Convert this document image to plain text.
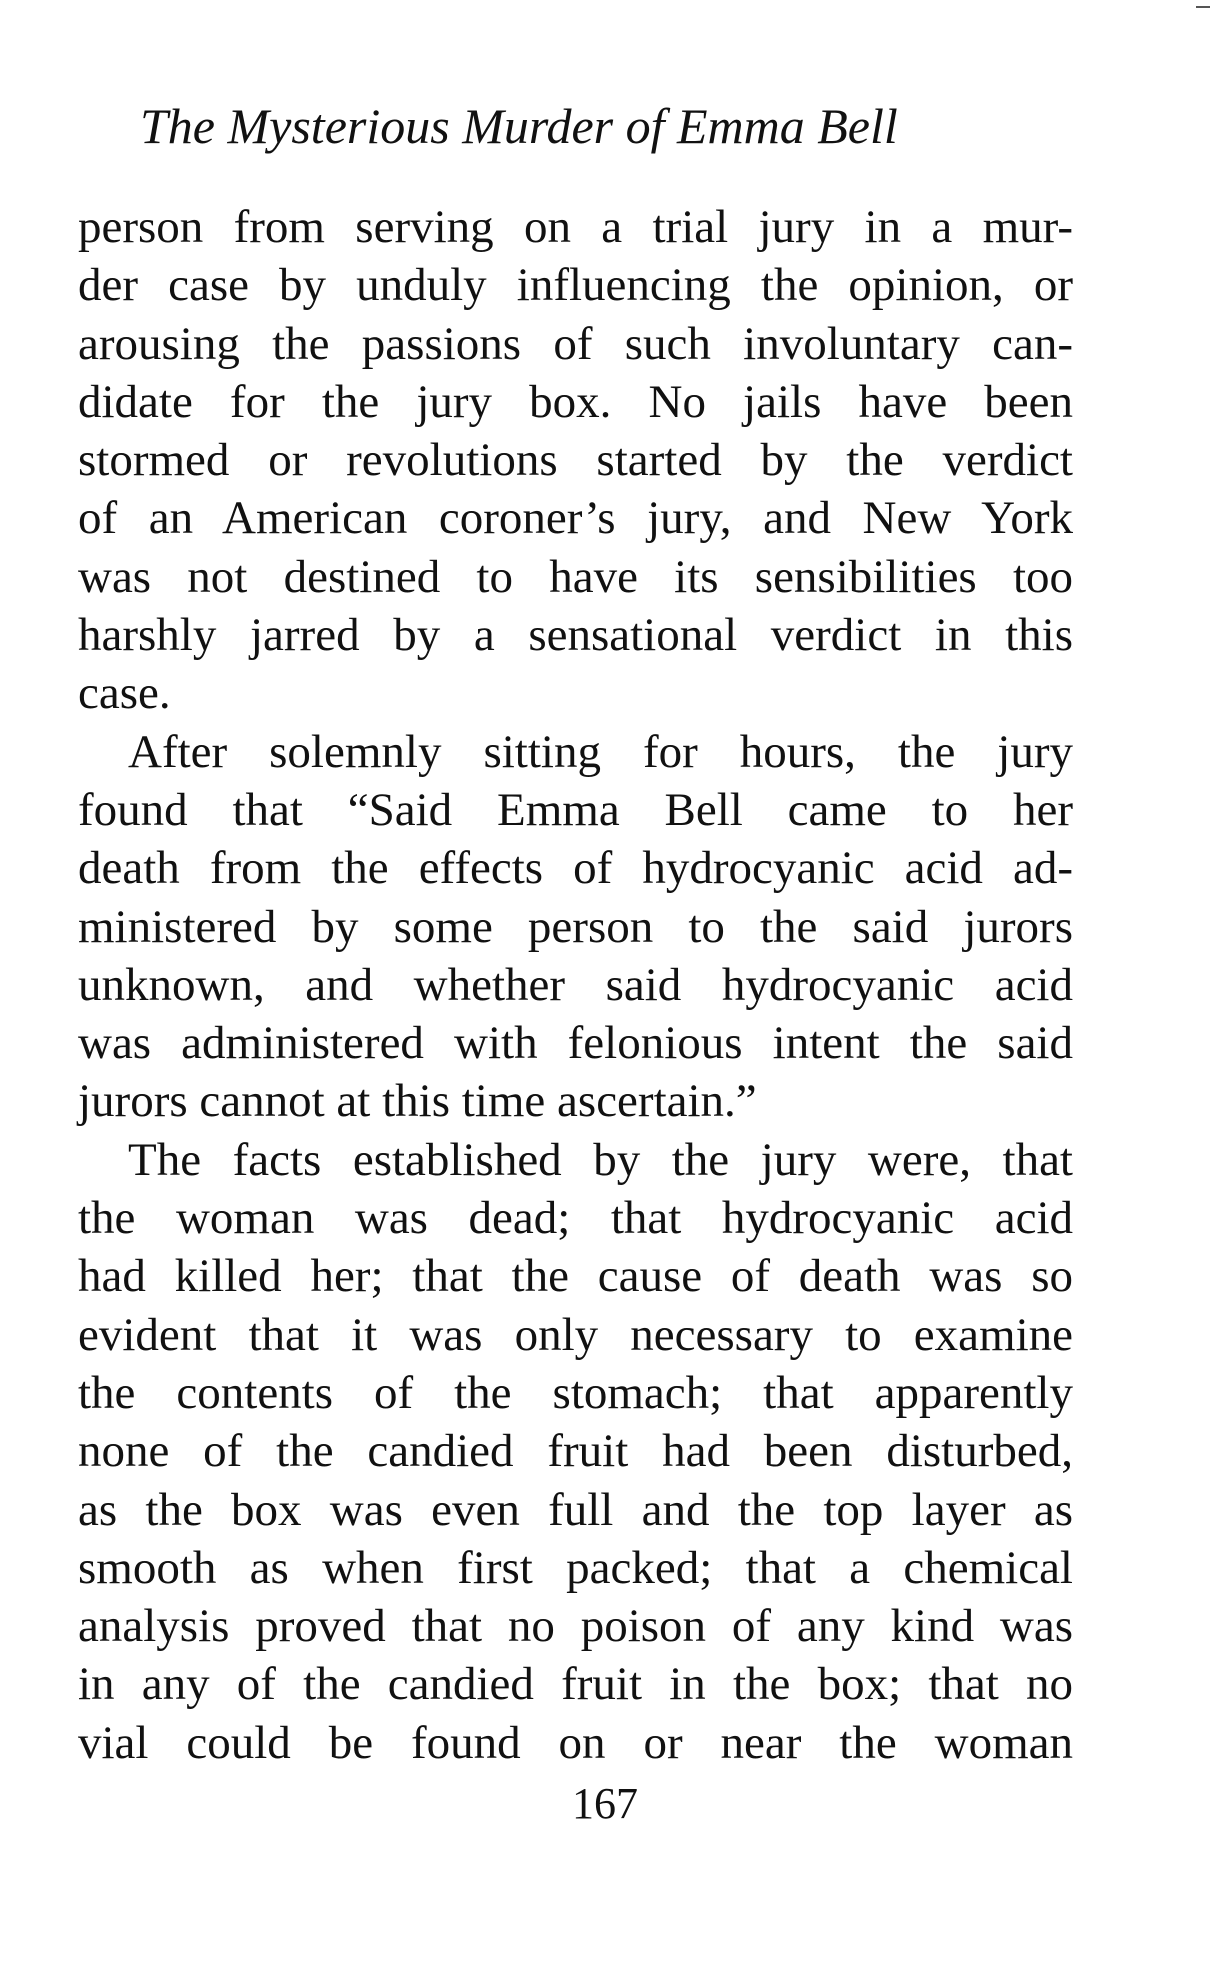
The Mysterious Murder of Emma Bell
person from serving on a trial jury in a mur-
der case by unduly influencing the opinion, or
arousing the passions of such involuntary can-
didate for the jury box. No jails have been
stormed or revolutions started by the verdict
of an American coroner’s jury, and New York
was not destined to have its sensibilities too
harshly jarred by a sensational verdict in this
case.
After solemnly sitting for hours, the jury
found that “Said Emma Bell came to her
death from the effects of hydrocyanic acid ad-
ministered by some person to the said jurors
unknown, and whether said hydrocyanic acid
was administered with felonious intent the said
jurors cannot at this time ascertain.”
The facts established by the jury were, that
the woman was dead; that hydrocyanic acid
had killed her; that the cause of death was so
evident that it was only necessary to examine
the contents of the stomach; that apparently
none of the candied fruit had been disturbed,
as the box was even full and the top layer as
smooth as when first packed; that a chemical
analysis proved that no poison of any kind was
in any of the candied fruit in the box; that no
vial could be found on or near the woman
167
